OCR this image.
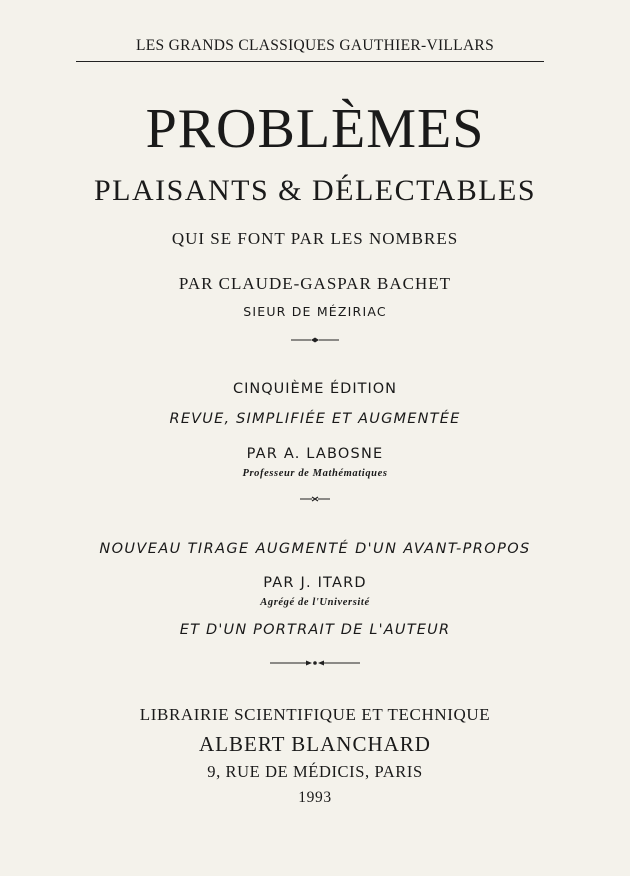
LES GRANDS CLASSIQUES GAUTHIER-VILLARS
PROBLÈMES
PLAISANTS & DÉLECTABLES
QUI SE FONT PAR LES NOMBRES
PAR CLAUDE-GASPAR BACHET
SIEUR DE MÉZIRIAC
CINQUIÈME ÉDITION
REVUE, SIMPLIFIÉE ET AUGMENTÉE
PAR A. LABOSNE
Professeur de Mathématiques
NOUVEAU TIRAGE AUGMENTÉ D'UN AVANT-PROPOS
PAR J. ITARD
Agrégé de l'Université
ET D'UN PORTRAIT DE L'AUTEUR
LIBRAIRIE SCIENTIFIQUE ET TECHNIQUE
ALBERT BLANCHARD
9, RUE DE MÉDICIS, PARIS
1993
